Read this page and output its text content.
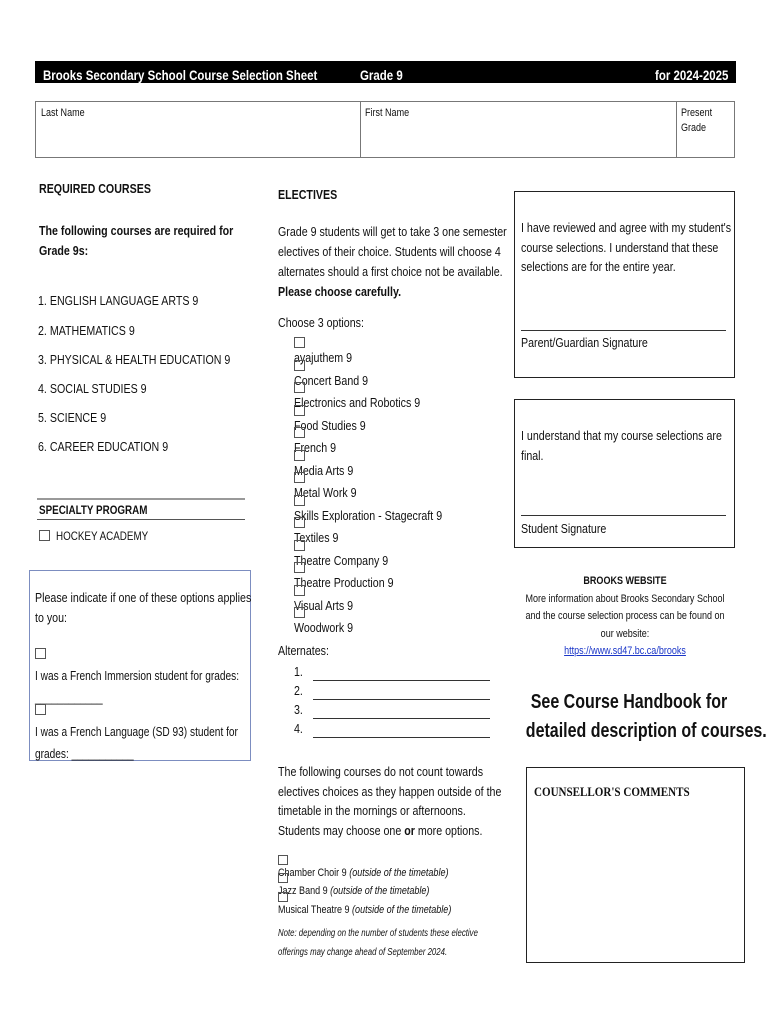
Brooks Secondary School Course Selection Sheet	Grade 9	for 2024-2025
Last Name	First Name	Present
Grade
REQUIRED COURSES
The following courses are required for
Grade 9s:
1. ENGLISH LANGUAGE ARTS 9
2. MATHEMATICS 9
3. PHYSICAL & HEALTH EDUCATION 9
4. SOCIAL STUDIES 9
5. SCIENCE 9
6. CAREER EDUCATION 9
SPECIALTY PROGRAM
HOCKEY ACADEMY
Please indicate if one of these options applies
to you:
I was a French Immersion student for grades:
____________
I was a French Language (SD 93) student for
grades: ___________
ELECTIVES
Grade 9 students will get to take 3 one semester
electives of their choice. Students will choose 4
alternates should a first choice not be available.
Please choose carefully.
Choose 3 options:
ayajuthem 9
Concert Band 9
Electronics and Robotics 9
Food Studies 9
French 9
Media Arts 9
Metal Work 9
Skills Exploration - Stagecraft 9
Textiles 9
Theatre Company 9
Theatre Production 9
Visual Arts 9
Woodwork 9
Alternates:
1.
2.
3.
4.
The following courses do not count towards
electives choices as they happen outside of the
timetable in the mornings or afternoons.
Students may choose one or more options.
Chamber Choir 9 (outside of the timetable)
Jazz Band 9 (outside of the timetable)
Musical Theatre 9 (outside of the timetable)
Note: depending on the number of students these elective
offerings may change ahead of September 2024.
I have reviewed and agree with my student's
course selections. I understand that these
selections are for the entire year.
Parent/Guardian Signature
I understand that my course selections are
final.
Student Signature
BROOKS WEBSITE
More information about Brooks Secondary School
and the course selection process can be found on
our website:
https://www.sd47.bc.ca/brooks
See Course Handbook for
detailed description of courses.
COUNSELLOR'S COMMENTS
